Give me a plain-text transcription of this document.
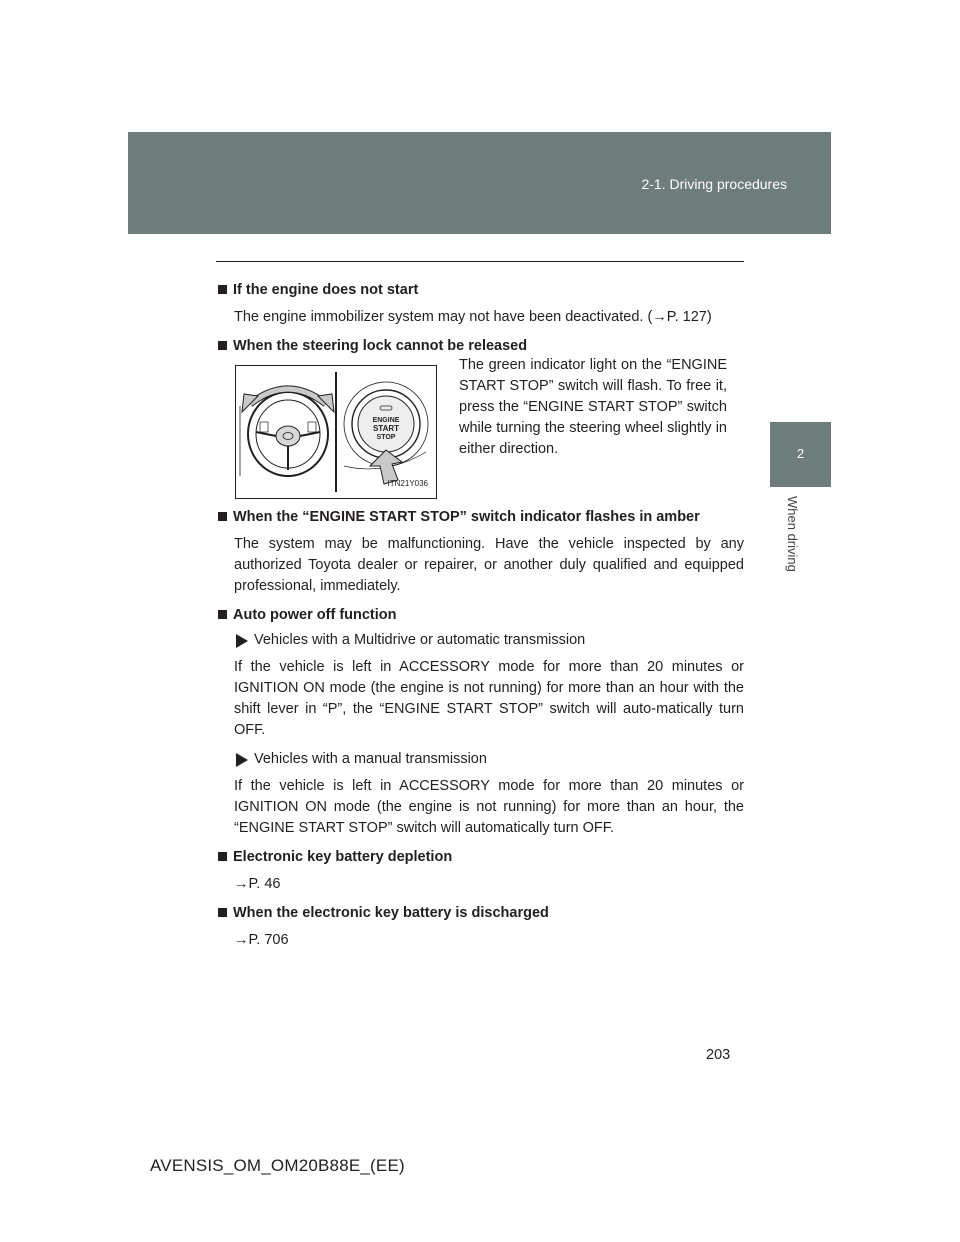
2-1. Driving procedures
2
When driving

If the engine does not start

The engine immobilizer system may not have been deactivated. (→P. 127)

When the steering lock cannot be released

ENGINE
START
STOP
ITN21Y036

The green indicator light on the “ENGINE START STOP” switch will flash. To free it, press the “ENGINE START STOP” switch while turning the steering wheel slightly in either direction.

When the “ENGINE START STOP” switch indicator flashes in amber

The system may be malfunctioning. Have the vehicle inspected by any authorized Toyota dealer or repairer, or another duly qualified and equipped professional, immediately.

Auto power off function

Vehicles with a Multidrive or automatic transmission

If the vehicle is left in ACCESSORY mode for more than 20 minutes or IGNITION ON mode (the engine is not running) for more than an hour with the shift lever in “P”, the “ENGINE START STOP” switch will auto-matically turn OFF.

Vehicles with a manual transmission

If the vehicle is left in ACCESSORY mode for more than 20 minutes or IGNITION ON mode (the engine is not running) for more than an hour, the “ENGINE START STOP” switch will automatically turn OFF.

Electronic key battery depletion

→P. 46

When the electronic key battery is discharged

→P. 706

203
AVENSIS_OM_OM20B88E_(EE)
